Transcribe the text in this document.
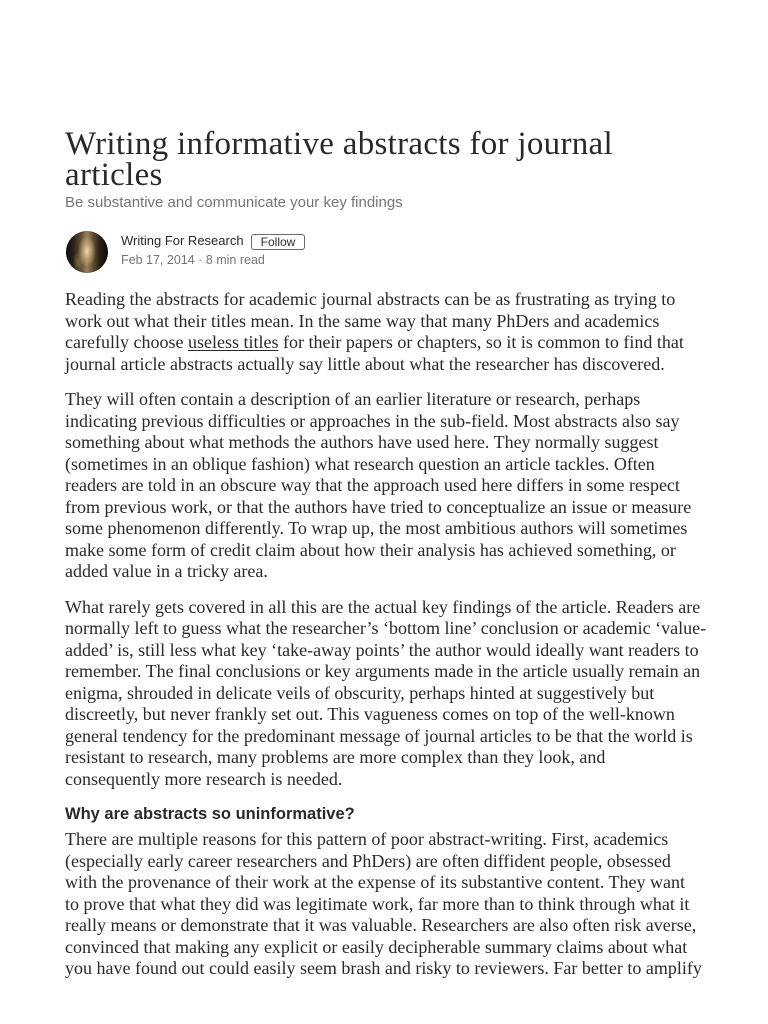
Writing informative abstracts for journal articles
Be substantive and communicate your key findings
Writing For Research	Follow
Feb 17, 2014 · 8 min read
Reading the abstracts for academic journal abstracts can be as frustrating as trying to
work out what their titles mean. In the same way that many PhDers and academics
carefully choose useless titles for their papers or chapters, so it is common to find that
journal article abstracts actually say little about what the researcher has discovered.
They will often contain a description of an earlier literature or research, perhaps
indicating previous difficulties or approaches in the sub-field. Most abstracts also say
something about what methods the authors have used here. They normally suggest
(sometimes in an oblique fashion) what research question an article tackles. Often
readers are told in an obscure way that the approach used here differs in some respect
from previous work, or that the authors have tried to conceptualize an issue or measure
some phenomenon differently. To wrap up, the most ambitious authors will sometimes
make some form of credit claim about how their analysis has achieved something, or
added value in a tricky area.
What rarely gets covered in all this are the actual key findings of the article. Readers are
normally left to guess what the researcher’s ‘bottom line’ conclusion or academic ‘value-
added’ is, still less what key ‘take-away points’ the author would ideally want readers to
remember. The final conclusions or key arguments made in the article usually remain an
enigma, shrouded in delicate veils of obscurity, perhaps hinted at suggestively but
discreetly, but never frankly set out. This vagueness comes on top of the well-known
general tendency for the predominant message of journal articles to be that the world is
resistant to research, many problems are more complex than they look, and
consequently more research is needed.
Why are abstracts so uninformative?
There are multiple reasons for this pattern of poor abstract-writing. First, academics
(especially early career researchers and PhDers) are often diffident people, obsessed
with the provenance of their work at the expense of its substantive content. They want
to prove that what they did was legitimate work, far more than to think through what it
really means or demonstrate that it was valuable. Researchers are also often risk averse,
convinced that making any explicit or easily decipherable summary claims about what
you have found out could easily seem brash and risky to reviewers. Far better to amplify
